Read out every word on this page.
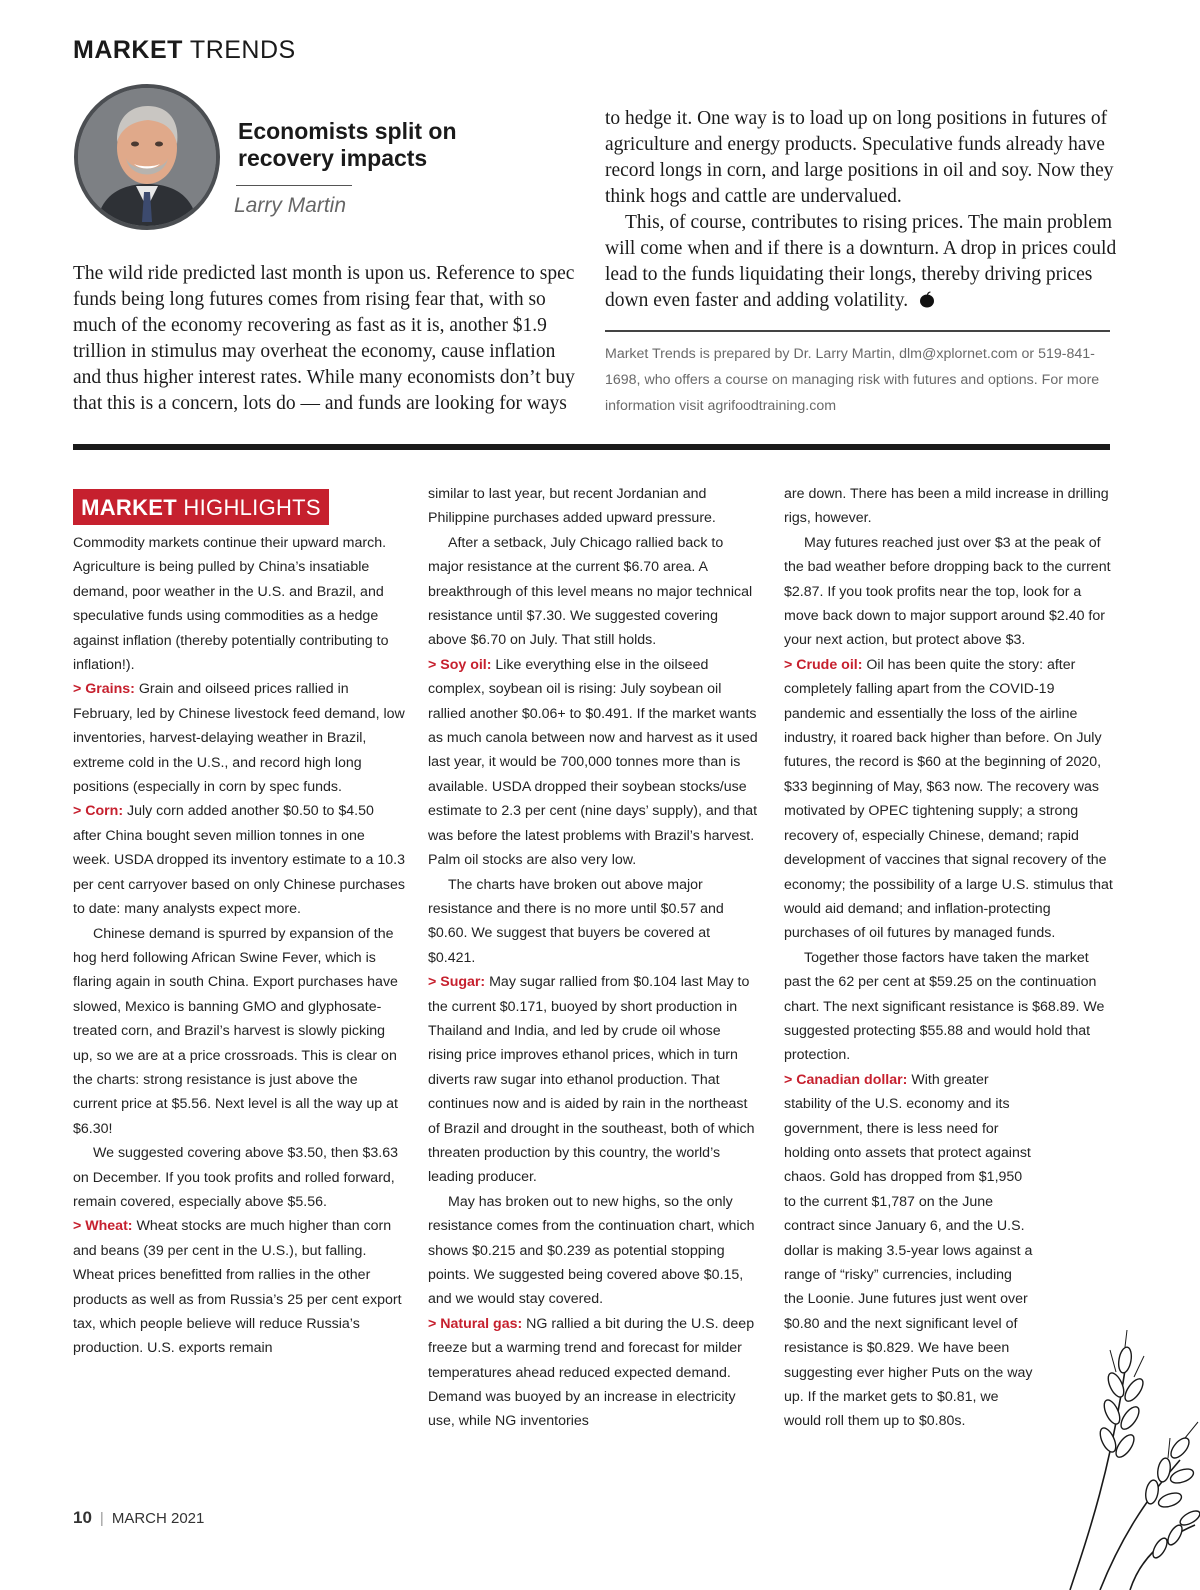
MARKET TRENDS
Economists split on recovery impacts
Larry Martin

The wild ride predicted last month is upon us. Reference to spec funds being long futures comes from rising fear that, with so much of the economy recovering as fast as it is, another $1.9 trillion in stimulus may overheat the economy, cause inflation and thus higher interest rates. While many economists don’t buy that this is a concern, lots do — and funds are looking for ways

to hedge it. One way is to load up on long positions in futures of agriculture and energy products. Speculative funds already have record longs in corn, and large positions in oil and soy. Now they think hogs and cattle are undervalued.

This, of course, contributes to rising prices. The main problem will come when and if there is a downturn. A drop in prices could lead to the funds liquidating their longs, thereby driving prices down even faster and adding volatility.

Market Trends is prepared by Dr. Larry Martin, dlm@xplornet.com or 519-841-1698, who offers a course on managing risk with futures and options. For more information visit agrifoodtraining.com
MARKET HIGHLIGHTS

Commodity markets continue their upward march. Agriculture is being pulled by China’s insatiable demand, poor weather in the U.S. and Brazil, and speculative funds using commodities as a hedge against inflation (thereby potentially contributing to inflation!).

> Grains: Grain and oilseed prices rallied in February, led by Chinese livestock feed demand, low inventories, harvest-delaying weather in Brazil, extreme cold in the U.S., and record high long positions (especially in corn by spec funds.

> Corn: July corn added another $0.50 to $4.50 after China bought seven million tonnes in one week. USDA dropped its inventory estimate to a 10.3 per cent carryover based on only Chinese purchases to date: many analysts expect more.

Chinese demand is spurred by expansion of the hog herd following African Swine Fever, which is flaring again in south China. Export purchases have slowed, Mexico is banning GMO and glyphosate-treated corn, and Brazil’s harvest is slowly picking up, so we are at a price crossroads. This is clear on the charts: strong resistance is just above the current price at $5.56. Next level is all the way up at $6.30!

We suggested covering above $3.50, then $3.63 on December. If you took profits and rolled forward, remain covered, especially above $5.56.

> Wheat: Wheat stocks are much higher than corn and beans (39 per cent in the U.S.), but falling. Wheat prices benefitted from rallies in the other products as well as from Russia’s 25 per cent export tax, which people believe will reduce Russia’s production. U.S. exports remain

similar to last year, but recent Jordanian and Philippine purchases added upward pressure.

After a setback, July Chicago rallied back to major resistance at the current $6.70 area. A breakthrough of this level means no major technical resistance until $7.30. We suggested covering above $6.70 on July. That still holds.

> Soy oil: Like everything else in the oilseed complex, soybean oil is rising: July soybean oil rallied another $0.06+ to $0.491. If the market wants as much canola between now and harvest as it used last year, it would be 700,000 tonnes more than is available. USDA dropped their soybean stocks/use estimate to 2.3 per cent (nine days’ supply), and that was before the latest problems with Brazil’s harvest. Palm oil stocks are also very low.

The charts have broken out above major resistance and there is no more until $0.57 and $0.60. We suggest that buyers be covered at $0.421.

> Sugar: May sugar rallied from $0.104 last May to the current $0.171, buoyed by short production in Thailand and India, and led by crude oil whose rising price improves ethanol prices, which in turn diverts raw sugar into ethanol production. That continues now and is aided by rain in the northeast of Brazil and drought in the southeast, both of which threaten production by this country, the world’s leading producer.

May has broken out to new highs, so the only resistance comes from the continuation chart, which shows $0.215 and $0.239 as potential stopping points. We suggested being covered above $0.15, and we would stay covered.

> Natural gas: NG rallied a bit during the U.S. deep freeze but a warming trend and forecast for milder temperatures ahead reduced expected demand. Demand was buoyed by an increase in electricity use, while NG inventories

are down. There has been a mild increase in drilling rigs, however.

May futures reached just over $3 at the peak of the bad weather before dropping back to the current $2.87. If you took profits near the top, look for a move back down to major support around $2.40 for your next action, but protect above $3.

> Crude oil: Oil has been quite the story: after completely falling apart from the COVID-19 pandemic and essentially the loss of the airline industry, it roared back higher than before. On July futures, the record is $60 at the beginning of 2020, $33 beginning of May, $63 now. The recovery was motivated by OPEC tightening supply; a strong recovery of, especially Chinese, demand; rapid development of vaccines that signal recovery of the economy; the possibility of a large U.S. stimulus that would aid demand; and inflation-protecting purchases of oil futures by managed funds.

Together those factors have taken the market past the 62 per cent at $59.25 on the continuation chart. The next significant resistance is $68.89. We suggested protecting $55.88 and would hold that protection.

> Canadian dollar: With greater stability of the U.S. economy and its government, there is less need for holding onto assets that protect against chaos. Gold has dropped from $1,950 to the current $1,787 on the June contract since January 6, and the U.S. dollar is making 3.5-year lows against a range of “risky” currencies, including the Loonie. June futures just went over $0.80 and the next significant level of resistance is $0.829. We have been suggesting ever higher Puts on the way up. If the market gets to $0.81, we would roll them up to $0.80s.

10 | MARCH 2021
